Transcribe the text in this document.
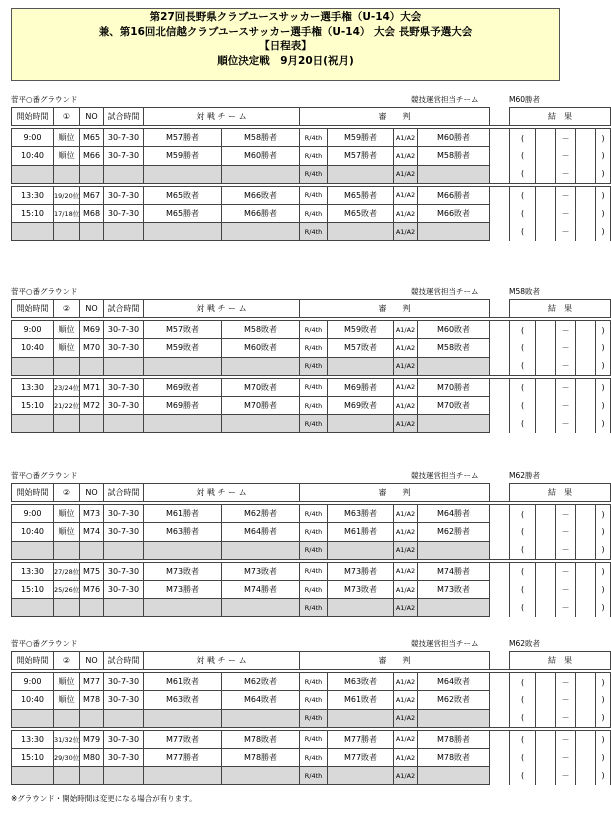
第27回長野県クラブユースサッカー選手権（U-14）大会
兼、第16回北信越クラブユースサッカー選手権（U-14） 大会 長野県予選大会
【日程表】
順位決定戦　9月20日(祝月)
菅平○番グラウンド	競技運営担当チーム	M60勝者
開始時間	①	NO	試合時間	対 戦 チ ー ム		審　　判					結　果				

9:00	順位	M65	30-7-30	M57勝者	M58勝者	R/4th	M59勝者	A1/A2	M60勝者		(		－		)
10:40	順位	M66	30-7-30	M59勝者	M60勝者	R/4th	M57勝者	A1/A2	M58勝者		(		－		)
						R/4th		A1/A2			(		－		)

13:30	19/20位	M67	30-7-30	M65敗者	M66敗者	R/4th	M65勝者	A1/A2	M66勝者		(		－		)
15:10	17/18位	M68	30-7-30	M65勝者	M66勝者	R/4th	M65敗者	A1/A2	M66敗者		(		－		)
						R/4th		A1/A2			(		－		)
菅平○番グラウンド	競技運営担当チーム	M58敗者
開始時間	②	NO	試合時間	対 戦 チ ー ム		審　　判					結　果				

9:00	順位	M69	30-7-30	M57敗者	M58敗者	R/4th	M59敗者	A1/A2	M60敗者		(		－		)
10:40	順位	M70	30-7-30	M59敗者	M60敗者	R/4th	M57敗者	A1/A2	M58敗者		(		－		)
						R/4th		A1/A2			(		－		)

13:30	23/24位	M71	30-7-30	M69敗者	M70敗者	R/4th	M69勝者	A1/A2	M70勝者		(		－		)
15:10	21/22位	M72	30-7-30	M69勝者	M70勝者	R/4th	M69敗者	A1/A2	M70敗者		(		－		)
						R/4th		A1/A2			(		－		)
菅平○番グラウンド	競技運営担当チーム	M62勝者
開始時間	②	NO	試合時間	対 戦 チ ー ム		審　　判					結　果				

9:00	順位	M73	30-7-30	M61勝者	M62勝者	R/4th	M63勝者	A1/A2	M64勝者		(		－		)
10:40	順位	M74	30-7-30	M63勝者	M64勝者	R/4th	M61勝者	A1/A2	M62勝者		(		－		)
						R/4th		A1/A2			(		－		)

13:30	27/28位	M75	30-7-30	M73敗者	M73敗者	R/4th	M73勝者	A1/A2	M74勝者		(		－		)
15:10	25/26位	M76	30-7-30	M73勝者	M74勝者	R/4th	M73敗者	A1/A2	M73敗者		(		－		)
						R/4th		A1/A2			(		－		)
菅平○番グラウンド	競技運営担当チーム	M62敗者
開始時間	②	NO	試合時間	対 戦 チ ー ム		審　　判					結　果				

9:00	順位	M77	30-7-30	M61敗者	M62敗者	R/4th	M63敗者	A1/A2	M64敗者		(		－		)
10:40	順位	M78	30-7-30	M63敗者	M64敗者	R/4th	M61敗者	A1/A2	M62敗者		(		－		)
						R/4th		A1/A2			(		－		)

13:30	31/32位	M79	30-7-30	M77敗者	M78敗者	R/4th	M77勝者	A1/A2	M78勝者		(		－		)
15:10	29/30位	M80	30-7-30	M77勝者	M78勝者	R/4th	M77敗者	A1/A2	M78敗者		(		－		)
						R/4th		A1/A2			(		－		)
※グラウンド・開始時間は変更になる場合が有ります。
